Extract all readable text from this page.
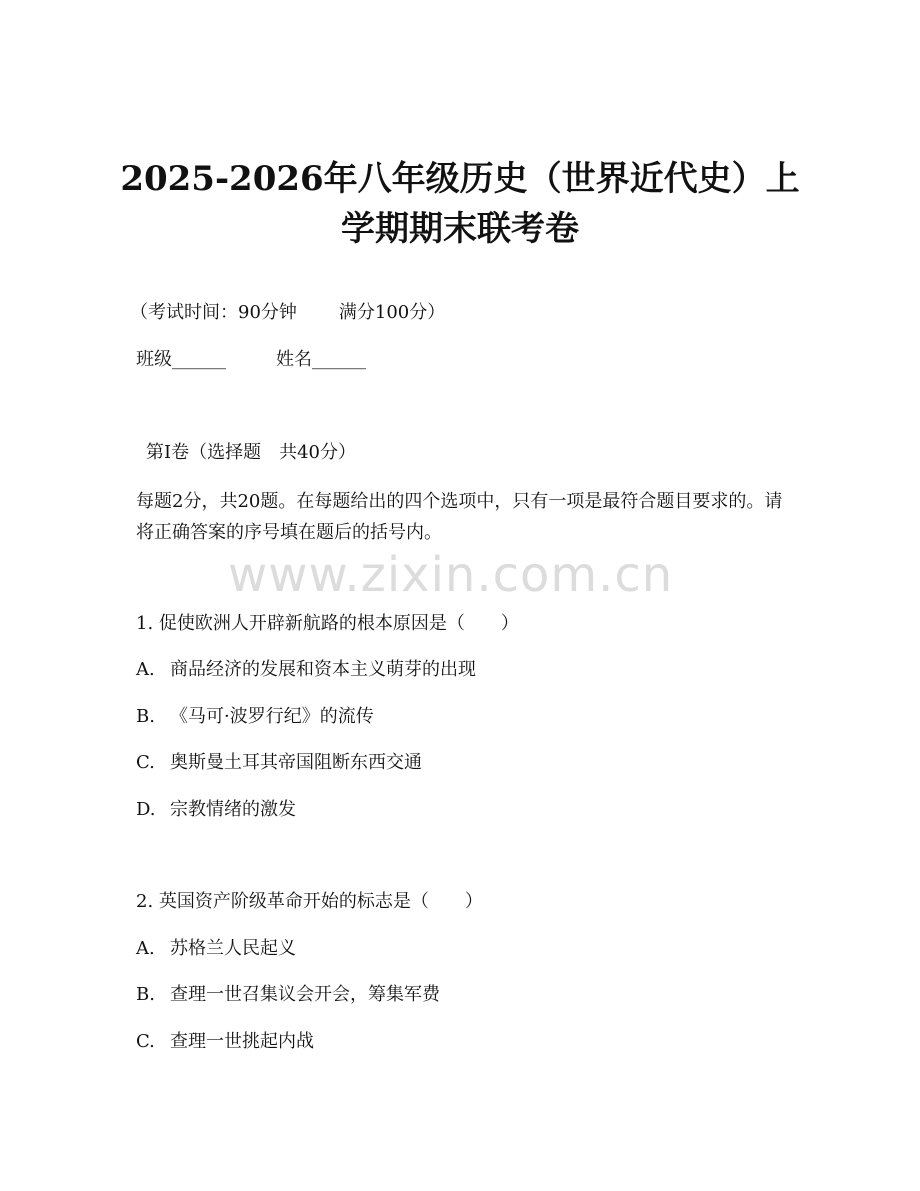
2025-2026年八年级历史（世界近代史）上
学期期末联考卷

（考试时间：90分钟 满分100分）

班级______	姓名______

第Ⅰ卷（选择题　共40分）

每题2分，共20题。在每题给出的四个选项中，只有一项是最符合题目要求的。请将正确答案的序号填在题后的括号内。

www.zixin.com.cn

1. 促使欧洲人开辟新航路的根本原因是（　　）

A. 商品经济的发展和资本主义萌芽的出现

B. 《马可·波罗行纪》的流传

C. 奥斯曼土耳其帝国阻断东西交通

D. 宗教情绪的激发

2. 英国资产阶级革命开始的标志是（　　）

A. 苏格兰人民起义

B. 查理一世召集议会开会，筹集军费

C. 查理一世挑起内战
